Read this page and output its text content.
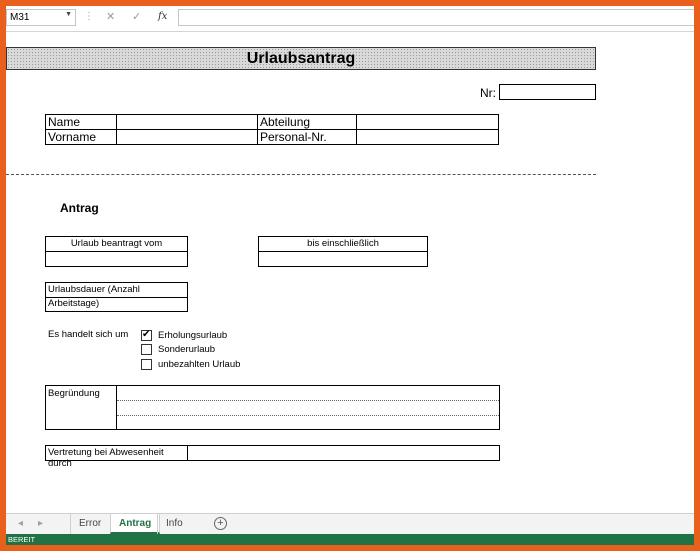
M31	▼ ⋮ ✕ ✓ fx
Urlaubsantrag
Nr:
Name		Abteilung	
Vorname		Personal-Nr.	
Antrag
Urlaub beantragt vom	bis einschließlich
Urlaubsdauer (Anzahl Arbeitstage)
Es handelt sich um ✔	Erholungsurlaub
Sonderurlaub
unbezahlten Urlaub
Begründung
Vertretung bei Abwesenheit durch
◂ ▸	Error	Antrag	Info	+
BEREIT
